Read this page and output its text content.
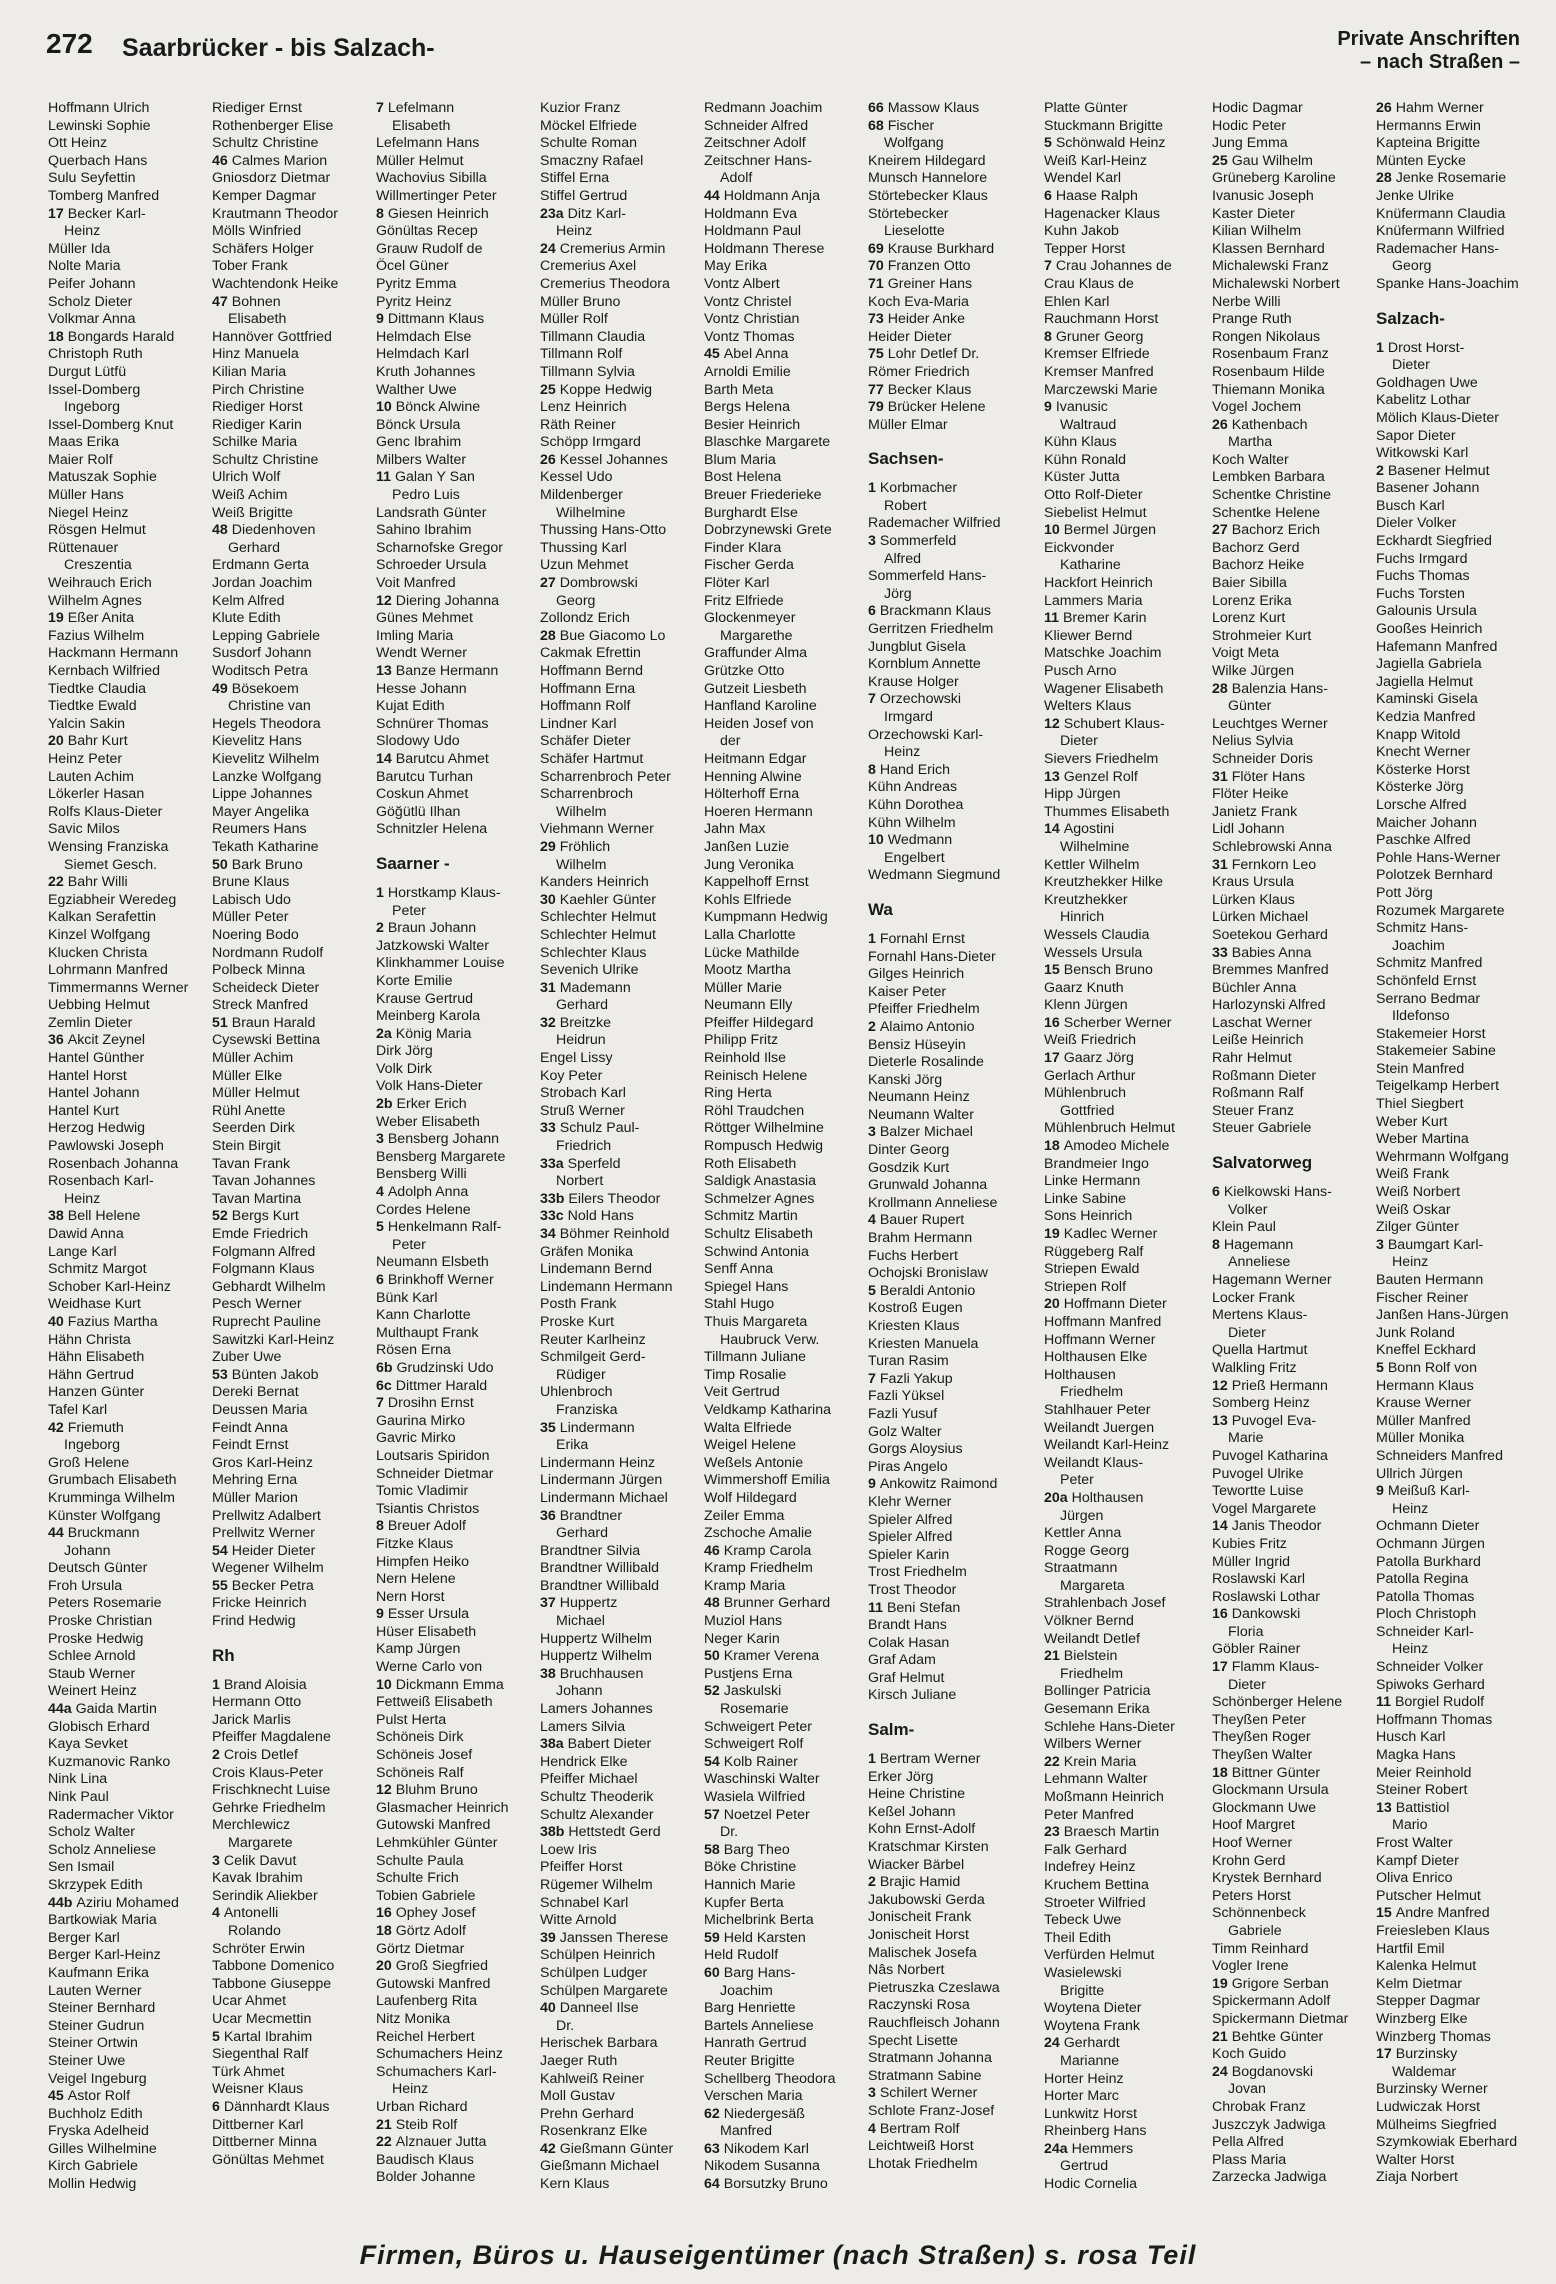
272 Saarbrücker - bis Salzach-	Private Anschriften
– nach Straßen –
Hoffmann Ulrich
Lewinski Sophie
Ott Heinz
Querbach Hans
Sulu Seyfettin
Tomberg Manfred
17 Becker Karl-
Heinz
Müller Ida
Nolte Maria
Peifer Johann
Scholz Dieter
Volkmar Anna
18 Bongards Harald
Christoph Ruth
Durgut Lütfü
Issel-Domberg
Ingeborg
Issel-Domberg Knut
Maas Erika
Maier Rolf
Matuszak Sophie
Müller Hans
Niegel Heinz
Rösgen Helmut
Rüttenauer
Creszentia
Weihrauch Erich
Wilhelm Agnes
19 Eßer Anita
Fazius Wilhelm
Hackmann Hermann
Kernbach Wilfried
Tiedtke Claudia
Tiedtke Ewald
Yalcin Sakin
20 Bahr Kurt
Heinz Peter
Lauten Achim
Lökerler Hasan
Rolfs Klaus-Dieter
Savic Milos
Wensing Franziska
Siemet Gesch.
22 Bahr Willi
Egziabheir Weredeg
Kalkan Serafettin
Kinzel Wolfgang
Klucken Christa
Lohrmann Manfred
Timmermanns Werner
Uebbing Helmut
Zemlin Dieter
36 Akcit Zeynel
Hantel Günther
Hantel Horst
Hantel Johann
Hantel Kurt
Herzog Hedwig
Pawlowski Joseph
Rosenbach Johanna
Rosenbach Karl-
Heinz
38 Bell Helene
Dawid Anna
Lange Karl
Schmitz Margot
Schober Karl-Heinz
Weidhase Kurt
40 Fazius Martha
Hähn Christa
Hähn Elisabeth
Hähn Gertrud
Hanzen Günter
Tafel Karl
42 Friemuth
Ingeborg
Groß Helene
Grumbach Elisabeth
Krumminga Wilhelm
Künster Wolfgang
44 Bruckmann
Johann
Deutsch Günter
Froh Ursula
Peters Rosemarie
Proske Christian
Proske Hedwig
Schlee Arnold
Staub Werner
Weinert Heinz
44a Gaida Martin
Globisch Erhard
Kaya Sevket
Kuzmanovic Ranko
Nink Lina
Nink Paul
Radermacher Viktor
Scholz Walter
Scholz Anneliese
Sen Ismail
Skrzypek Edith
44b Aziriu Mohamed
Bartkowiak Maria
Berger Karl
Berger Karl-Heinz
Kaufmann Erika
Lauten Werner
Steiner Bernhard
Steiner Gudrun
Steiner Ortwin
Steiner Uwe
Veigel Ingeburg
45 Astor Rolf
Buchholz Edith
Fryska Adelheid
Gilles Wilhelmine
Kirch Gabriele
Mollin Hedwig
Riediger Ernst
Rothenberger Elise
Schultz Christine
46 Calmes Marion
Gniosdorz Dietmar
Kemper Dagmar
Krautmann Theodor
Mölls Winfried
Schäfers Holger
Tober Frank
Wachtendonk Heike
47 Bohnen
Elisabeth
Hannöver Gottfried
Hinz Manuela
Kilian Maria
Pirch Christine
Riediger Horst
Riediger Karin
Schilke Maria
Schultz Christine
Ulrich Wolf
Weiß Achim
Weiß Brigitte
48 Diedenhoven
Gerhard
Erdmann Gerta
Jordan Joachim
Kelm Alfred
Klute Edith
Lepping Gabriele
Susdorf Johann
Woditsch Petra
49 Bösekoem
Christine van
Hegels Theodora
Kievelitz Hans
Kievelitz Wilhelm
Lanzke Wolfgang
Lippe Johannes
Mayer Angelika
Reumers Hans
Tekath Katharine
50 Bark Bruno
Brune Klaus
Labisch Udo
Müller Peter
Noering Bodo
Nordmann Rudolf
Polbeck Minna
Scheideck Dieter
Streck Manfred
51 Braun Harald
Cysewski Bettina
Müller Achim
Müller Elke
Müller Helmut
Rühl Anette
Seerden Dirk
Stein Birgit
Tavan Frank
Tavan Johannes
Tavan Martina
52 Bergs Kurt
Emde Friedrich
Folgmann Alfred
Folgmann Klaus
Gebhardt Wilhelm
Pesch Werner
Ruprecht Pauline
Sawitzki Karl-Heinz
Zuber Uwe
53 Bünten Jakob
Dereki Bernat
Deussen Maria
Feindt Anna
Feindt Ernst
Gros Karl-Heinz
Mehring Erna
Müller Marion
Prellwitz Adalbert
Prellwitz Werner
54 Heider Dieter
Wegener Wilhelm
55 Becker Petra
Fricke Heinrich
Frind Hedwig
Rh
1 Brand Aloisia
Hermann Otto
Jarick Marlis
Pfeiffer Magdalene
2 Crois Detlef
Crois Klaus-Peter
Frischknecht Luise
Gehrke Friedhelm
Merchlewicz
Margarete
3 Celik Davut
Kavak Ibrahim
Serindik Aliekber
4 Antonelli
Rolando
Schröter Erwin
Tabbone Domenico
Tabbone Giuseppe
Ucar Ahmet
Ucar Mecmettin
5 Kartal Ibrahim
Siegenthal Ralf
Türk Ahmet
Weisner Klaus
6 Dännhardt Klaus
Dittberner Karl
Dittberner Minna
Gönültas Mehmet
7 Lefelmann
Elisabeth
Lefelmann Hans
Müller Helmut
Wachovius Sibilla
Willmertinger Peter
8 Giesen Heinrich
Gönültas Recep
Grauw Rudolf de
Öcel Güner
Pyritz Emma
Pyritz Heinz
9 Dittmann Klaus
Helmdach Else
Helmdach Karl
Kruth Johannes
Walther Uwe
10 Bönck Alwine
Bönck Ursula
Genc Ibrahim
Milbers Walter
11 Galan Y San
Pedro Luis
Landsrath Günter
Sahino Ibrahim
Scharnofske Gregor
Schroeder Ursula
Voit Manfred
12 Diering Johanna
Günes Mehmet
Imling Maria
Wendt Werner
13 Banze Hermann
Hesse Johann
Kujat Edith
Schnürer Thomas
Slodowy Udo
14 Barutcu Ahmet
Barutcu Turhan
Coskun Ahmet
Göğütlü Ilhan
Schnitzler Helena
Saarner -
1 Horstkamp Klaus-
Peter
2 Braun Johann
Jatzkowski Walter
Klinkhammer Louise
Korte Emilie
Krause Gertrud
Meinberg Karola
2a König Maria
Dirk Jörg
Volk Dirk
Volk Hans-Dieter
2b Erker Erich
Weber Elisabeth
3 Bensberg Johann
Bensberg Margarete
Bensberg Willi
4 Adolph Anna
Cordes Helene
5 Henkelmann Ralf-
Peter
Neumann Elsbeth
6 Brinkhoff Werner
Bünk Karl
Kann Charlotte
Multhaupt Frank
Rösen Erna
6b Grudzinski Udo
6c Dittmer Harald
7 Drosihn Ernst
Gaurina Mirko
Gavric Mirko
Loutsaris Spiridon
Schneider Dietmar
Tomic Vladimir
Tsiantis Christos
8 Breuer Adolf
Fitzke Klaus
Himpfen Heiko
Nern Helene
Nern Horst
9 Esser Ursula
Hüser Elisabeth
Kamp Jürgen
Werne Carlo von
10 Dickmann Emma
Fettweiß Elisabeth
Pulst Herta
Schöneis Dirk
Schöneis Josef
Schöneis Ralf
12 Bluhm Bruno
Glasmacher Heinrich
Gutowski Manfred
Lehmkühler Günter
Schulte Paula
Schulte Frich
Tobien Gabriele
16 Ophey Josef
18 Görtz Adolf
Görtz Dietmar
20 Groß Siegfried
Gutowski Manfred
Laufenberg Rita
Nitz Monika
Reichel Herbert
Schumachers Heinz
Schumachers Karl-
Heinz
Urban Richard
21 Steib Rolf
22 Alznauer Jutta
Baudisch Klaus
Bolder Johanne
Kuzior Franz
Möckel Elfriede
Schulte Roman
Smaczny Rafael
Stiffel Erna
Stiffel Gertrud
23a Ditz Karl-
Heinz
24 Cremerius Armin
Cremerius Axel
Cremerius Theodora
Müller Bruno
Müller Rolf
Tillmann Claudia
Tillmann Rolf
Tillmann Sylvia
25 Koppe Hedwig
Lenz Heinrich
Räth Reiner
Schöpp Irmgard
26 Kessel Johannes
Kessel Udo
Mildenberger
Wilhelmine
Thussing Hans-Otto
Thussing Karl
Uzun Mehmet
27 Dombrowski
Georg
Zollondz Erich
28 Bue Giacomo Lo
Cakmak Efrettin
Hoffmann Bernd
Hoffmann Erna
Hoffmann Rolf
Lindner Karl
Schäfer Dieter
Schäfer Hartmut
Scharrenbroch Peter
Scharrenbroch
Wilhelm
Viehmann Werner
29 Fröhlich
Wilhelm
Kanders Heinrich
30 Kaehler Günter
Schlechter Helmut
Schlechter Helmut
Schlechter Klaus
Sevenich Ulrike
31 Mademann
Gerhard
32 Breitzke
Heidrun
Engel Lissy
Koy Peter
Strobach Karl
Struß Werner
33 Schulz Paul-
Friedrich
33a Sperfeld
Norbert
33b Eilers Theodor
33c Nold Hans
34 Böhmer Reinhold
Gräfen Monika
Lindemann Bernd
Lindemann Hermann
Posth Frank
Proske Kurt
Reuter Karlheinz
Schmilgeit Gerd-
Rüdiger
Uhlenbroch
Franziska
35 Lindermann
Erika
Lindermann Heinz
Lindermann Jürgen
Lindermann Michael
36 Brandtner
Gerhard
Brandtner Silvia
Brandtner Willibald
Brandtner Willibald
37 Huppertz
Michael
Huppertz Wilhelm
Huppertz Wilhelm
38 Bruchhausen
Johann
Lamers Johannes
Lamers Silvia
38a Babert Dieter
Hendrick Elke
Pfeiffer Michael
Schultz Theoderik
Schultz Alexander
38b Hettstedt Gerd
Loew Iris
Pfeiffer Horst
Rügemer Wilhelm
Schnabel Karl
Witte Arnold
39 Janssen Therese
Schülpen Heinrich
Schülpen Ludger
Schülpen Margarete
40 Danneel Ilse
Dr.
Herischek Barbara
Jaeger Ruth
Kahlweiß Reiner
Moll Gustav
Prehn Gerhard
Rosenkranz Elke
42 Gießmann Günter
Gießmann Michael
Kern Klaus
Redmann Joachim
Schneider Alfred
Zeitschner Adolf
Zeitschner Hans-
Adolf
44 Holdmann Anja
Holdmann Eva
Holdmann Paul
Holdmann Therese
May Erika
Vontz Albert
Vontz Christel
Vontz Christian
Vontz Thomas
45 Abel Anna
Arnoldi Emilie
Barth Meta
Bergs Helena
Besier Heinrich
Blaschke Margarete
Blum Maria
Bost Helena
Breuer Friederieke
Burghardt Else
Dobrzynewski Grete
Finder Klara
Fischer Gerda
Flöter Karl
Fritz Elfriede
Glockenmeyer
Margarethe
Graffunder Alma
Grützke Otto
Gutzeit Liesbeth
Hanfland Karoline
Heiden Josef von
der
Heitmann Edgar
Henning Alwine
Hölterhoff Erna
Hoeren Hermann
Jahn Max
Janßen Luzie
Jung Veronika
Kappelhoff Ernst
Kohls Elfriede
Kumpmann Hedwig
Lalla Charlotte
Lücke Mathilde
Mootz Martha
Müller Marie
Neumann Elly
Pfeiffer Hildegard
Philipp Fritz
Reinhold Ilse
Reinisch Helene
Ring Herta
Röhl Traudchen
Röttger Wilhelmine
Rompusch Hedwig
Roth Elisabeth
Saldigk Anastasia
Schmelzer Agnes
Schmitz Martin
Schultz Elisabeth
Schwind Antonia
Senff Anna
Spiegel Hans
Stahl Hugo
Thuis Margareta
Haubruck Verw.
Tillmann Juliane
Timp Rosalie
Veit Gertrud
Veldkamp Katharina
Walta Elfriede
Weigel Helene
Weßels Antonie
Wimmershoff Emilia
Wolf Hildegard
Zeiler Emma
Zschoche Amalie
46 Kramp Carola
Kramp Friedhelm
Kramp Maria
48 Brunner Gerhard
Muziol Hans
Neger Karin
50 Kramer Verena
Pustjens Erna
52 Jaskulski
Rosemarie
Schweigert Peter
Schweigert Rolf
54 Kolb Rainer
Waschinski Walter
Wasiela Wilfried
57 Noetzel Peter
Dr.
58 Barg Theo
Böke Christine
Hannich Marie
Kupfer Berta
Michelbrink Berta
59 Held Karsten
Held Rudolf
60 Barg Hans-
Joachim
Barg Henriette
Bartels Anneliese
Hanrath Gertrud
Reuter Brigitte
Schellberg Theodora
Verschen Maria
62 Niedergesäß
Manfred
63 Nikodem Karl
Nikodem Susanna
64 Borsutzky Bruno
66 Massow Klaus
68 Fischer
Wolfgang
Kneirem Hildegard
Munsch Hannelore
Störtebecker Klaus
Störtebecker
Lieselotte
69 Krause Burkhard
70 Franzen Otto
71 Greiner Hans
Koch Eva-Maria
73 Heider Anke
Heider Dieter
75 Lohr Detlef Dr.
Römer Friedrich
77 Becker Klaus
79 Brücker Helene
Müller Elmar
Sachsen-
1 Korbmacher
Robert
Rademacher Wilfried
3 Sommerfeld
Alfred
Sommerfeld Hans-
Jörg
6 Brackmann Klaus
Gerritzen Friedhelm
Jungblut Gisela
Kornblum Annette
Krause Holger
7 Orzechowski
Irmgard
Orzechowski Karl-
Heinz
8 Hand Erich
Kühn Andreas
Kühn Dorothea
Kühn Wilhelm
10 Wedmann
Engelbert
Wedmann Siegmund
Wa
1 Fornahl Ernst
Fornahl Hans-Dieter
Gilges Heinrich
Kaiser Peter
Pfeiffer Friedhelm
2 Alaimo Antonio
Bensiz Hüseyin
Dieterle Rosalinde
Kanski Jörg
Neumann Heinz
Neumann Walter
3 Balzer Michael
Dinter Georg
Gosdzik Kurt
Grunwald Johanna
Krollmann Anneliese
4 Bauer Rupert
Brahm Hermann
Fuchs Herbert
Ochojski Bronislaw
5 Beraldi Antonio
Kostroß Eugen
Kriesten Klaus
Kriesten Manuela
Turan Rasim
7 Fazli Yakup
Fazli Yüksel
Fazli Yusuf
Golz Walter
Gorgs Aloysius
Piras Angelo
9 Ankowitz Raimond
Klehr Werner
Spieler Alfred
Spieler Alfred
Spieler Karin
Trost Friedhelm
Trost Theodor
11 Beni Stefan
Brandt Hans
Colak Hasan
Graf Adam
Graf Helmut
Kirsch Juliane
Salm-
1 Bertram Werner
Erker Jörg
Heine Christine
Keßel Johann
Kohn Ernst-Adolf
Kratschmar Kirsten
Wiacker Bärbel
2 Brajic Hamid
Jakubowski Gerda
Jonischeit Frank
Jonischeit Horst
Malischek Josefa
Nâs Norbert
Pietruszka Czeslawa
Raczynski Rosa
Rauchfleisch Johann
Specht Lisette
Stratmann Johanna
Stratmann Sabine
3 Schilert Werner
Schlote Franz-Josef
4 Bertram Rolf
Leichtweiß Horst
Lhotak Friedhelm
Platte Günter
Stuckmann Brigitte
5 Schönwald Heinz
Weiß Karl-Heinz
Wendel Karl
6 Haase Ralph
Hagenacker Klaus
Kuhn Jakob
Tepper Horst
7 Crau Johannes de
Crau Klaus de
Ehlen Karl
Rauchmann Horst
8 Gruner Georg
Kremser Elfriede
Kremser Manfred
Marczewski Marie
9 Ivanusic
Waltraud
Kühn Klaus
Kühn Ronald
Küster Jutta
Otto Rolf-Dieter
Siebelist Helmut
10 Bermel Jürgen
Eickvonder
Katharine
Hackfort Heinrich
Lammers Maria
11 Bremer Karin
Kliewer Bernd
Matschke Joachim
Pusch Arno
Wagener Elisabeth
Welters Klaus
12 Schubert Klaus-
Dieter
Sievers Friedhelm
13 Genzel Rolf
Hipp Jürgen
Thummes Elisabeth
14 Agostini
Wilhelmine
Kettler Wilhelm
Kreutzhekker Hilke
Kreutzhekker
Hinrich
Wessels Claudia
Wessels Ursula
15 Bensch Bruno
Gaarz Knuth
Klenn Jürgen
16 Scherber Werner
Weiß Friedrich
17 Gaarz Jörg
Gerlach Arthur
Mühlenbruch
Gottfried
Mühlenbruch Helmut
18 Amodeo Michele
Brandmeier Ingo
Linke Hermann
Linke Sabine
Sons Heinrich
19 Kadlec Werner
Rüggeberg Ralf
Striepen Ewald
Striepen Rolf
20 Hoffmann Dieter
Hoffmann Manfred
Hoffmann Werner
Holthausen Elke
Holthausen
Friedhelm
Stahlhauer Peter
Weilandt Juergen
Weilandt Karl-Heinz
Weilandt Klaus-
Peter
20a Holthausen
Jürgen
Kettler Anna
Rogge Georg
Straatmann
Margareta
Strahlenbach Josef
Völkner Bernd
Weilandt Detlef
21 Bielstein
Friedhelm
Bollinger Patricia
Gesemann Erika
Schlehe Hans-Dieter
Wilbers Werner
22 Krein Maria
Lehmann Walter
Moßmann Heinrich
Peter Manfred
23 Braesch Martin
Falk Gerhard
Indefrey Heinz
Kruchem Bettina
Stroeter Wilfried
Tebeck Uwe
Theil Edith
Verfürden Helmut
Wasielewski
Brigitte
Woytena Dieter
Woytena Frank
24 Gerhardt
Marianne
Horter Heinz
Horter Marc
Lunkwitz Horst
Rheinberg Hans
24a Hemmers
Gertrud
Hodic Cornelia
Hodic Dagmar
Hodic Peter
Jung Emma
25 Gau Wilhelm
Grüneberg Karoline
Ivanusic Joseph
Kaster Dieter
Kilian Wilhelm
Klassen Bernhard
Michalewski Franz
Michalewski Norbert
Nerbe Willi
Prange Ruth
Rongen Nikolaus
Rosenbaum Franz
Rosenbaum Hilde
Thiemann Monika
Vogel Jochem
26 Kathenbach
Martha
Koch Walter
Lembken Barbara
Schentke Christine
Schentke Helene
27 Bachorz Erich
Bachorz Gerd
Bachorz Heike
Baier Sibilla
Lorenz Erika
Lorenz Kurt
Strohmeier Kurt
Voigt Meta
Wilke Jürgen
28 Balenzia Hans-
Günter
Leuchtges Werner
Nelius Sylvia
Schneider Doris
31 Flöter Hans
Flöter Heike
Janietz Frank
Lidl Johann
Schlebrowski Anna
31 Fernkorn Leo
Kraus Ursula
Lürken Klaus
Lürken Michael
Soetekou Gerhard
33 Babies Anna
Bremmes Manfred
Büchler Anna
Harlozynski Alfred
Laschat Werner
Leiße Heinrich
Rahr Helmut
Roßmann Dieter
Roßmann Ralf
Steuer Franz
Steuer Gabriele
Salvatorweg
6 Kielkowski Hans-
Volker
Klein Paul
8 Hagemann
Anneliese
Hagemann Werner
Locker Frank
Mertens Klaus-
Dieter
Quella Hartmut
Walkling Fritz
12 Prieß Hermann
Somberg Heinz
13 Puvogel Eva-
Marie
Puvogel Katharina
Puvogel Ulrike
Tewortte Luise
Vogel Margarete
14 Janis Theodor
Kubies Fritz
Müller Ingrid
Roslawski Karl
Roslawski Lothar
16 Dankowski
Floria
Göbler Rainer
17 Flamm Klaus-
Dieter
Schönberger Helene
Theyßen Peter
Theyßen Roger
Theyßen Walter
18 Bittner Günter
Glockmann Ursula
Glockmann Uwe
Hoof Margret
Hoof Werner
Krohn Gerd
Krystek Bernhard
Peters Horst
Schönnenbeck
Gabriele
Timm Reinhard
Vogler Irene
19 Grigore Serban
Spickermann Adolf
Spickermann Dietmar
21 Behtke Günter
Koch Guido
24 Bogdanovski
Jovan
Chrobak Franz
Juszczyk Jadwiga
Pella Alfred
Plass Maria
Zarzecka Jadwiga
26 Hahm Werner
Hermanns Erwin
Kapteina Brigitte
Münten Eycke
28 Jenke Rosemarie
Jenke Ulrike
Knüfermann Claudia
Knüfermann Wilfried
Rademacher Hans-
Georg
Spanke Hans-Joachim
Salzach-
1 Drost Horst-
Dieter
Goldhagen Uwe
Kabelitz Lothar
Mölich Klaus-Dieter
Sapor Dieter
Witkowski Karl
2 Basener Helmut
Basener Johann
Busch Karl
Dieler Volker
Eckhardt Siegfried
Fuchs Irmgard
Fuchs Thomas
Fuchs Torsten
Galounis Ursula
Gooßes Heinrich
Hafemann Manfred
Jagiella Gabriela
Jagiella Helmut
Kaminski Gisela
Kedzia Manfred
Knapp Witold
Knecht Werner
Kösterke Horst
Kösterke Jörg
Lorsche Alfred
Maicher Johann
Paschke Alfred
Pohle Hans-Werner
Polotzek Bernhard
Pott Jörg
Rozumek Margarete
Schmitz Hans-
Joachim
Schmitz Manfred
Schönfeld Ernst
Serrano Bedmar
Ildefonso
Stakemeier Horst
Stakemeier Sabine
Stein Manfred
Teigelkamp Herbert
Thiel Siegbert
Weber Kurt
Weber Martina
Wehrmann Wolfgang
Weiß Frank
Weiß Norbert
Weiß Oskar
Zilger Günter
3 Baumgart Karl-
Heinz
Bauten Hermann
Fischer Reiner
Janßen Hans-Jürgen
Junk Roland
Kneffel Eckhard
5 Bonn Rolf von
Hermann Klaus
Krause Werner
Müller Manfred
Müller Monika
Schneiders Manfred
Ullrich Jürgen
9 Meißuß Karl-
Heinz
Ochmann Dieter
Ochmann Jürgen
Patolla Burkhard
Patolla Regina
Patolla Thomas
Ploch Christoph
Schneider Karl-
Heinz
Schneider Volker
Spiwoks Gerhard
11 Borgiel Rudolf
Hoffmann Thomas
Husch Karl
Magka Hans
Meier Reinhold
Steiner Robert
13 Battistiol
Mario
Frost Walter
Kampf Dieter
Oliva Enrico
Putscher Helmut
15 Andre Manfred
Freiesleben Klaus
Hartfil Emil
Kalenka Helmut
Kelm Dietmar
Stepper Dagmar
Winzberg Elke
Winzberg Thomas
17 Burzinsky
Waldemar
Burzinsky Werner
Ludwiczak Horst
Mülheims Siegfried
Szymkowiak Eberhard
Walter Horst
Ziaja Norbert
Firmen, Büros u. Hauseigentümer (nach Straßen) s. rosa Teil
